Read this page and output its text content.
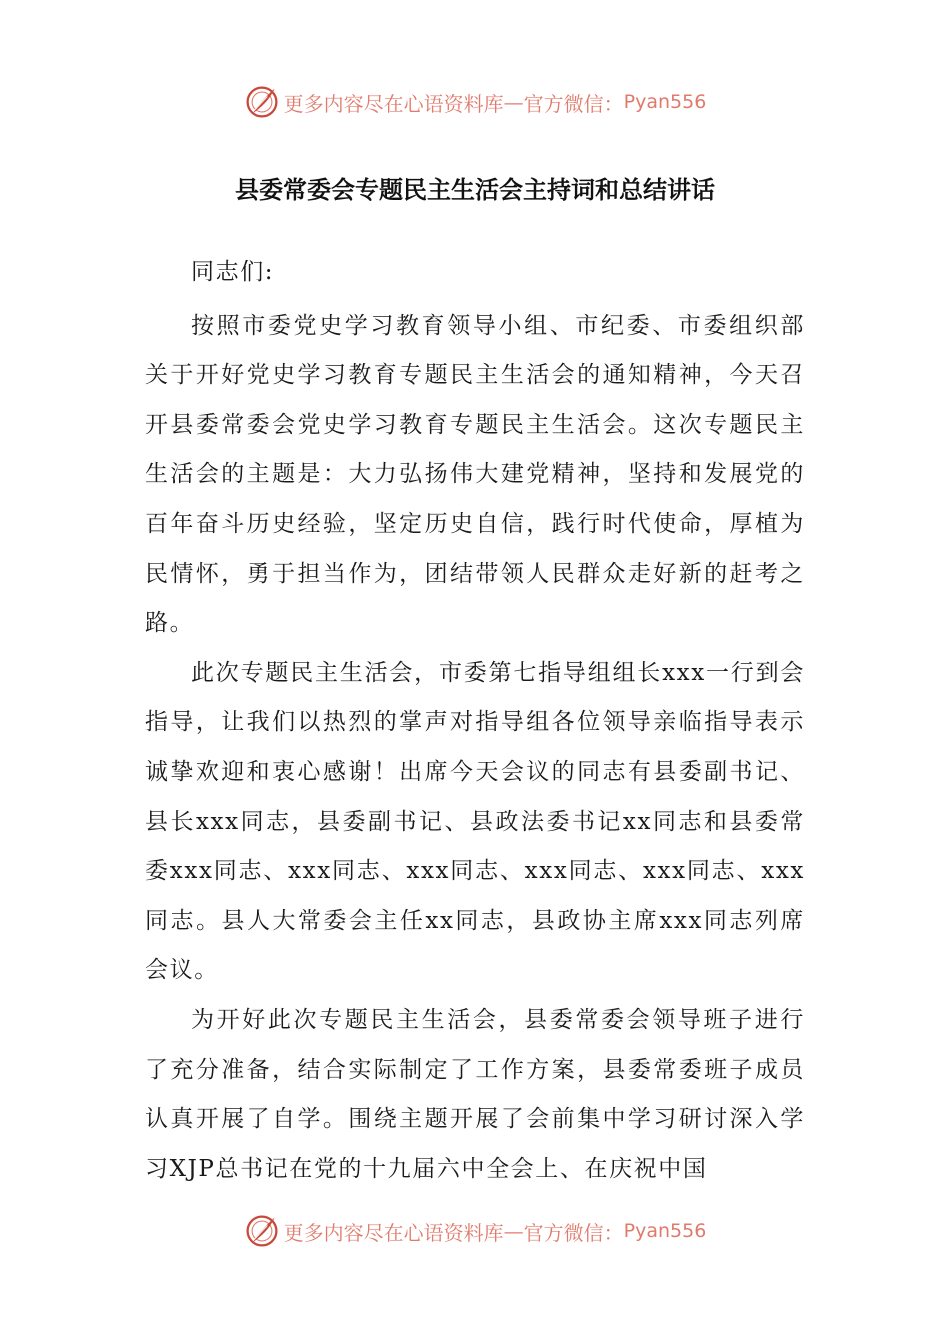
更多内容尽在心语资料库 — 官方微信： Pyan556
县委常委会专题民主生活会主持词和总结讲话

同志们:

按照市委党史学习教育领导小组、市纪委、市委组织部关于开好党史学习教育专题民主生活会的通知精神，今天召开县委常委会党史学习教育专题民主生活会。这次专题民主生活会的主题是：大力弘扬伟大建党精神，坚持和发展党的百年奋斗历史经验，坚定历史自信，践行时代使命，厚植为民情怀，勇于担当作为，团结带领人民群众走好新的赶考之路。

此次专题民主生活会，市委第七指导组组长xxx一行到会指导，让我们以热烈的掌声对指导组各位领导亲临指导表示诚挚欢迎和衷心感谢！出席今天会议的同志有县委副书记、县长xxx同志，县委副书记、县政法委书记xx同志和县委常委xxx同志、xxx同志、xxx同志、xxx同志、xxx同志、xxx同志。县人大常委会主任xx同志，县政协主席xxx同志列席会议。

为开好此次专题民主生活会，县委常委会领导班子进行了充分准备，结合实际制定了工作方案，县委常委班子成员认真开展了自学。围绕主题开展了会前集中学习研讨深入学习XJP总书记在党的十九届六中全会上、在庆祝中国

更多内容尽在心语资料库 — 官方微信： Pyan556
